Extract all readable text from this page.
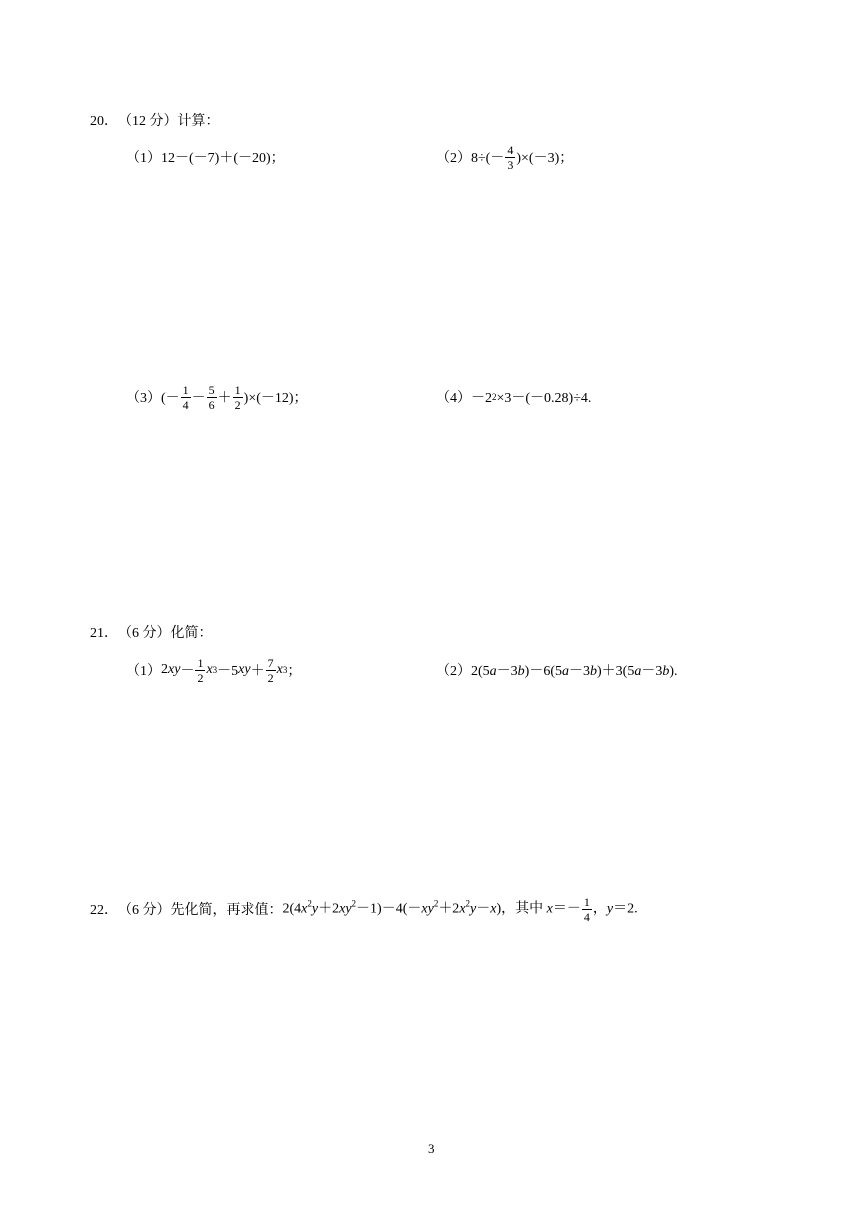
20． （12 分）计算：
（1） 12－(－7)＋(－20)；	（2） $8\div(- \frac{4}{3} )\times(-3)$；
（3） (－ $\frac{1}{4} - \frac{5}{6} + \frac{1}{2} )\times(-12)$；	（4） －2 2 ×3－(－0.28)÷4.
21． （6 分）化简：
（1） 2 xy － $\frac{1}{2}$ x 3 －5 xy ＋ $\frac{7}{2}$ x 3 ；	（2） 2(5a－3b)－6(5a－3b)＋3(5a－3b).
22． （6 分）先化简，再求值： $2(4x^2y+2xy^2-1)-4(-xy^2+2x^2y-x)$，其中 $x=- \frac{1}{4}$ ，y＝2.
3
